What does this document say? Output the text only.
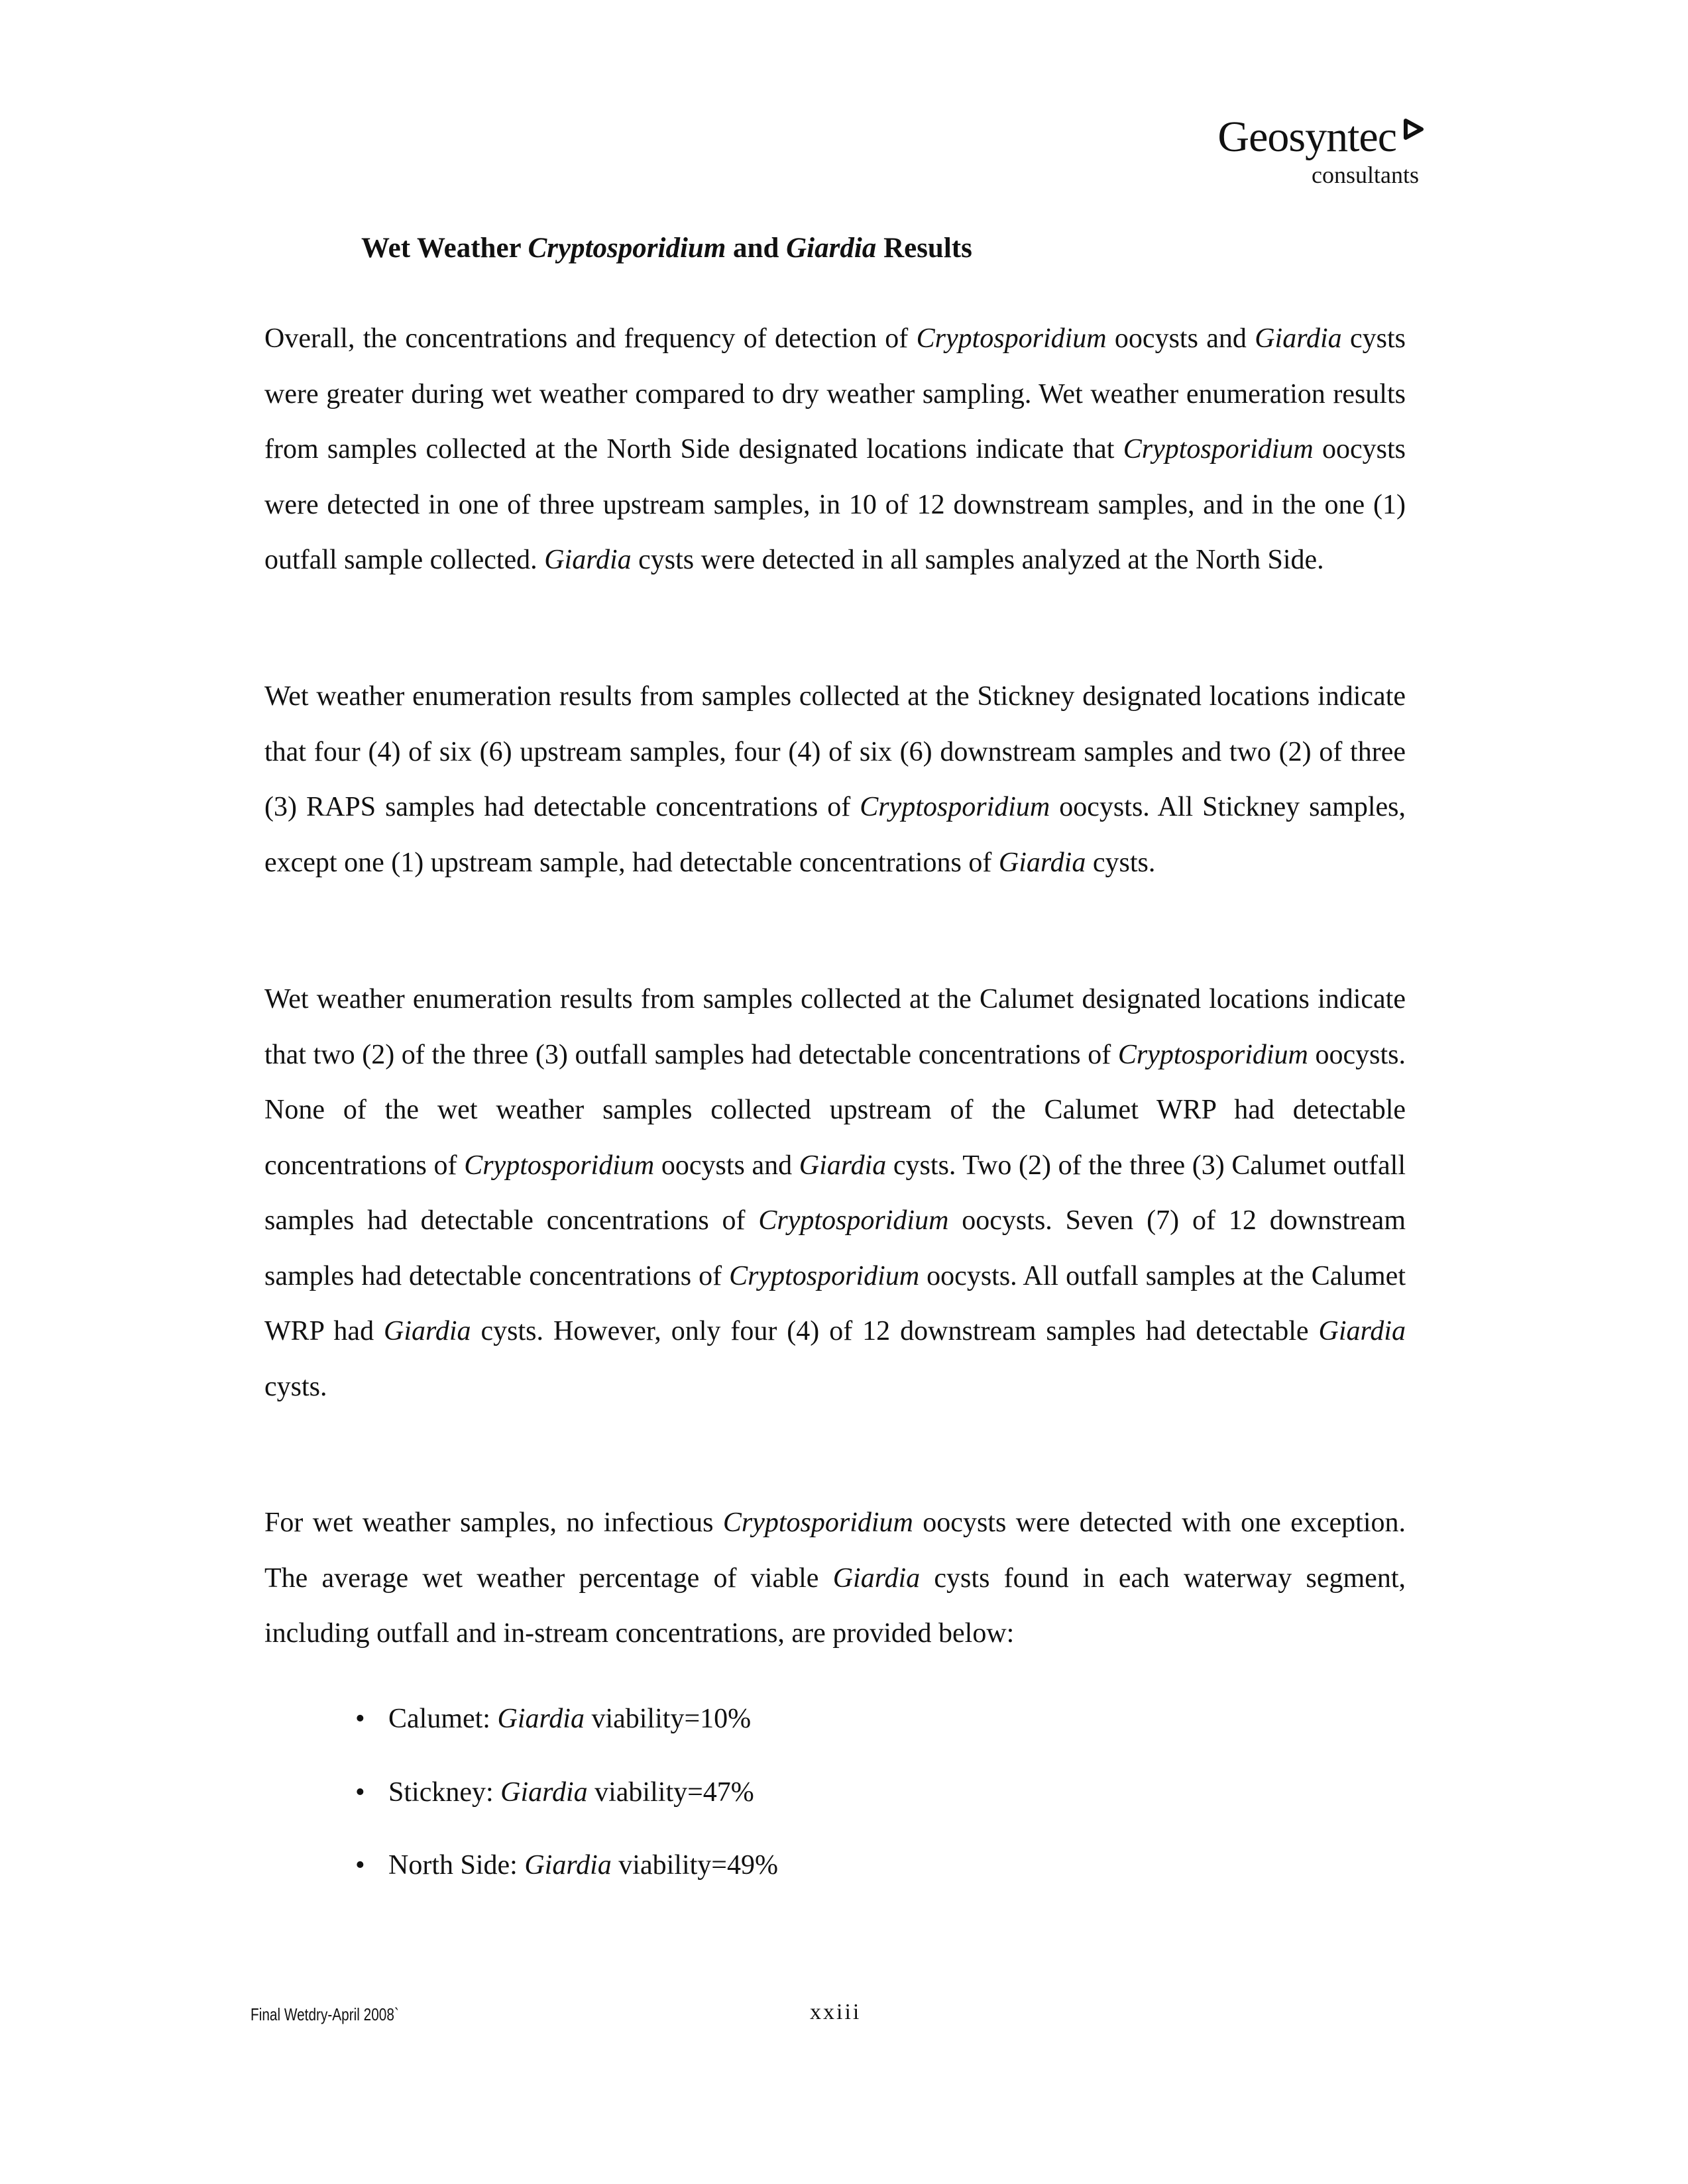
Geosyntec
consultants
Wet Weather Cryptosporidium and Giardia Results
Overall, the concentrations and frequency of detection of Cryptosporidium oocysts and Giardia cysts were greater during wet weather compared to dry weather sampling. Wet weather enumeration results from samples collected at the North Side designated locations indicate that Cryptosporidium oocysts were detected in one of three upstream samples, in 10 of 12 downstream samples, and in the one (1) outfall sample collected. Giardia cysts were detected in all samples analyzed at the North Side.
Wet weather enumeration results from samples collected at the Stickney designated locations indicate that four (4) of six (6) upstream samples, four (4) of six (6) downstream samples and two (2) of three (3) RAPS samples had detectable concentrations of Cryptosporidium oocysts. All Stickney samples, except one (1) upstream sample, had detectable concentrations of Giardia cysts.
Wet weather enumeration results from samples collected at the Calumet designated locations indicate that two (2) of the three (3) outfall samples had detectable concentrations of Cryptosporidium oocysts. None of the wet weather samples collected upstream of the Calumet WRP had detectable concentrations of Cryptosporidium oocysts and Giardia cysts. Two (2) of the three (3) Calumet outfall samples had detectable concentrations of Cryptosporidium oocysts. Seven (7) of 12 downstream samples had detectable concentrations of Cryptosporidium oocysts. All outfall samples at the Calumet WRP had Giardia cysts. However, only four (4) of 12 downstream samples had detectable Giardia cysts.
For wet weather samples, no infectious Cryptosporidium oocysts were detected with one exception. The average wet weather percentage of viable Giardia cysts found in each waterway segment, including outfall and in-stream concentrations, are provided below:
• Calumet: Giardia viability=10%
• Stickney: Giardia viability=47%
• North Side: Giardia viability=49%
Final Wetdry-April 2008`	xxiii
